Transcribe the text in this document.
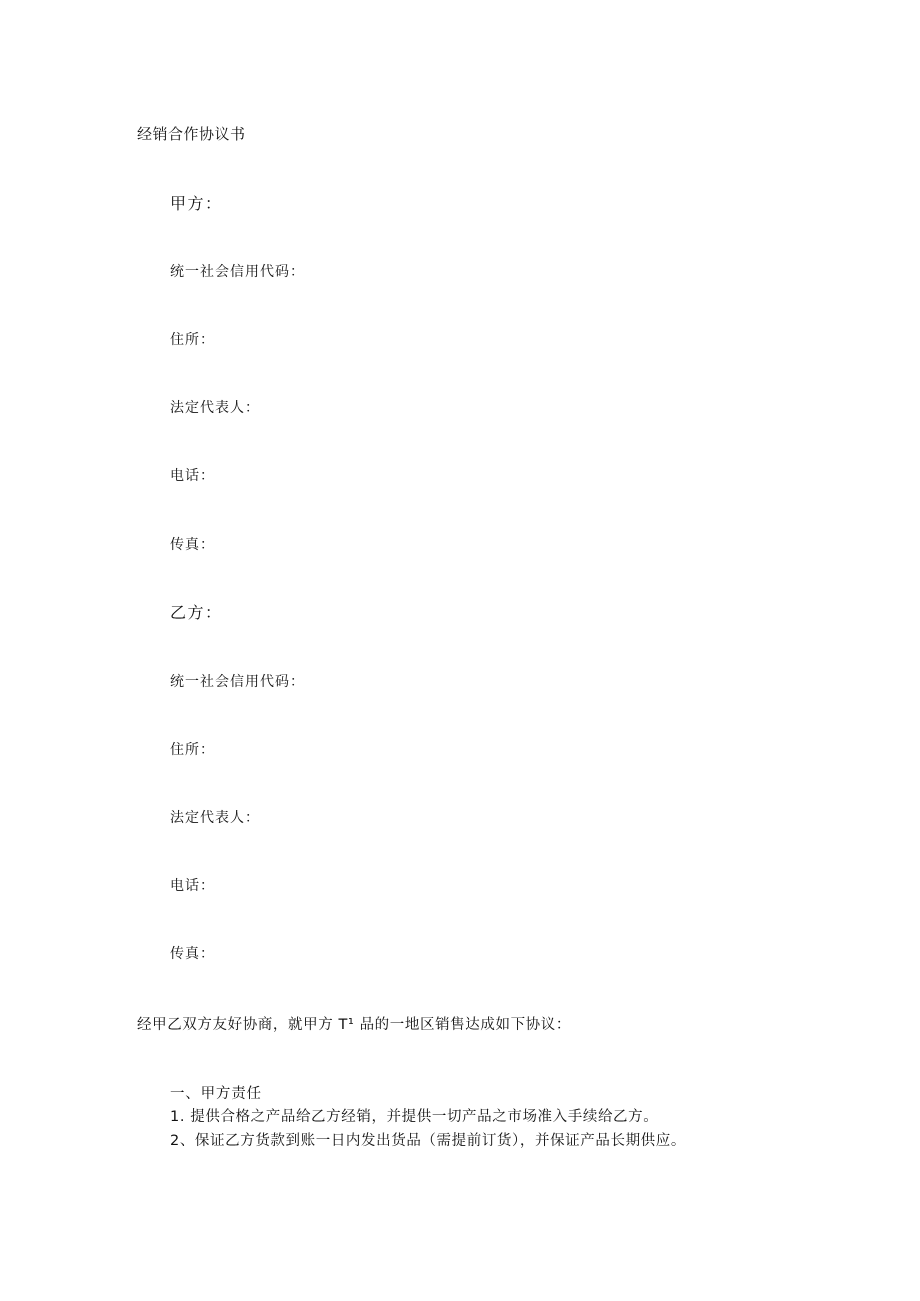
经销合作协议书
甲方：
统一社会信用代码：
住所：
法定代表人：
电话：
传真：
乙方：
统一社会信用代码：
住所：
法定代表人：
电话：
传真：
经甲乙双方友好协商，就甲方 T¹ 品的一地区销售达成如下协议：
一、甲方责任
1. 提供合格之产品给乙方经销，并提供一切产品之市场准入手续给乙方。
2、保证乙方货款到账一日内发出货品（需提前订货），并保证产品长期供应。
